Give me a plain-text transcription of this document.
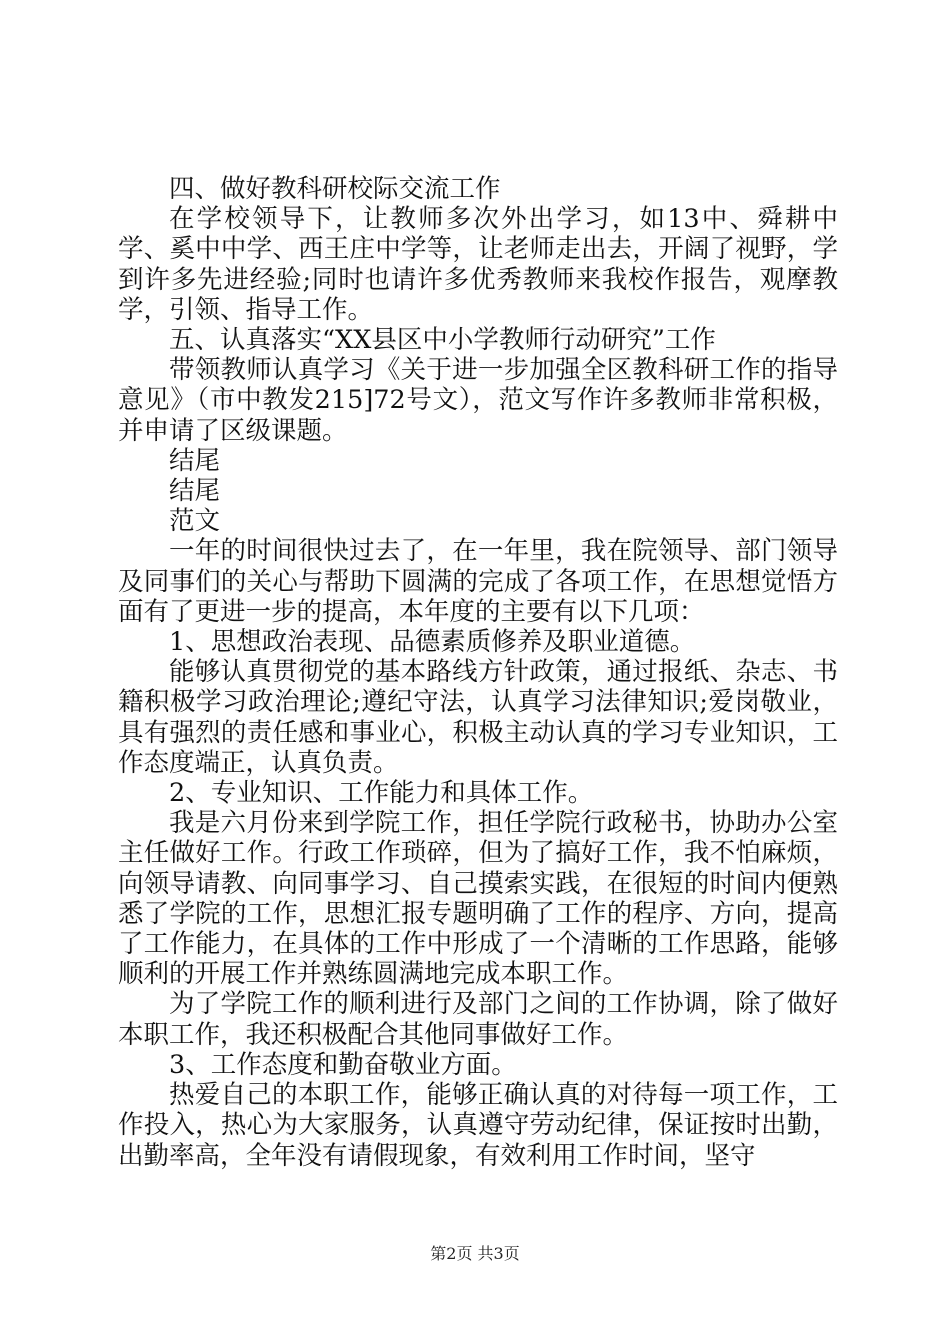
四、做好教科研校际交流工作

在学校领导下，让教师多次外出学习，如13中、舜耕中学、奚中中学、西王庄中学等，让老师走出去，开阔了视野，学到许多先进经验;同时也请许多优秀教师来我校作报告，观摩教学，引领、指导工作。

五、认真落实“XX县区中小学教师行动研究”工作

带领教师认真学习《关于进一步加强全区教科研工作的指导意见》（市中教发215]72号文），范文写作许多教师非常积极，并申请了区级课题。

结尾

结尾

范文

一年的时间很快过去了，在一年里，我在院领导、部门领导及同事们的关心与帮助下圆满的完成了各项工作，在思想觉悟方面有了更进一步的提高，本年度的主要有以下几项：

1、思想政治表现、品德素质修养及职业道德。

能够认真贯彻党的基本路线方针政策，通过报纸、杂志、书籍积极学习政治理论;遵纪守法，认真学习法律知识;爱岗敬业，具有强烈的责任感和事业心，积极主动认真的学习专业知识，工作态度端正，认真负责。

2、专业知识、工作能力和具体工作。

我是六月份来到学院工作，担任学院行政秘书，协助办公室主任做好工作。行政工作琐碎，但为了搞好工作，我不怕麻烦，向领导请教、向同事学习、自己摸索实践，在很短的时间内便熟悉了学院的工作，思想汇报专题明确了工作的程序、方向，提高了工作能力，在具体的工作中形成了一个清晰的工作思路，能够顺利的开展工作并熟练圆满地完成本职工作。

为了学院工作的顺利进行及部门之间的工作协调，除了做好本职工作，我还积极配合其他同事做好工作。

3、工作态度和勤奋敬业方面。

热爱自己的本职工作，能够正确认真的对待每一项工作，工作投入，热心为大家服务，认真遵守劳动纪律，保证按时出勤，出勤率高，全年没有请假现象，有效利用工作时间，坚守

第2页 共3页
